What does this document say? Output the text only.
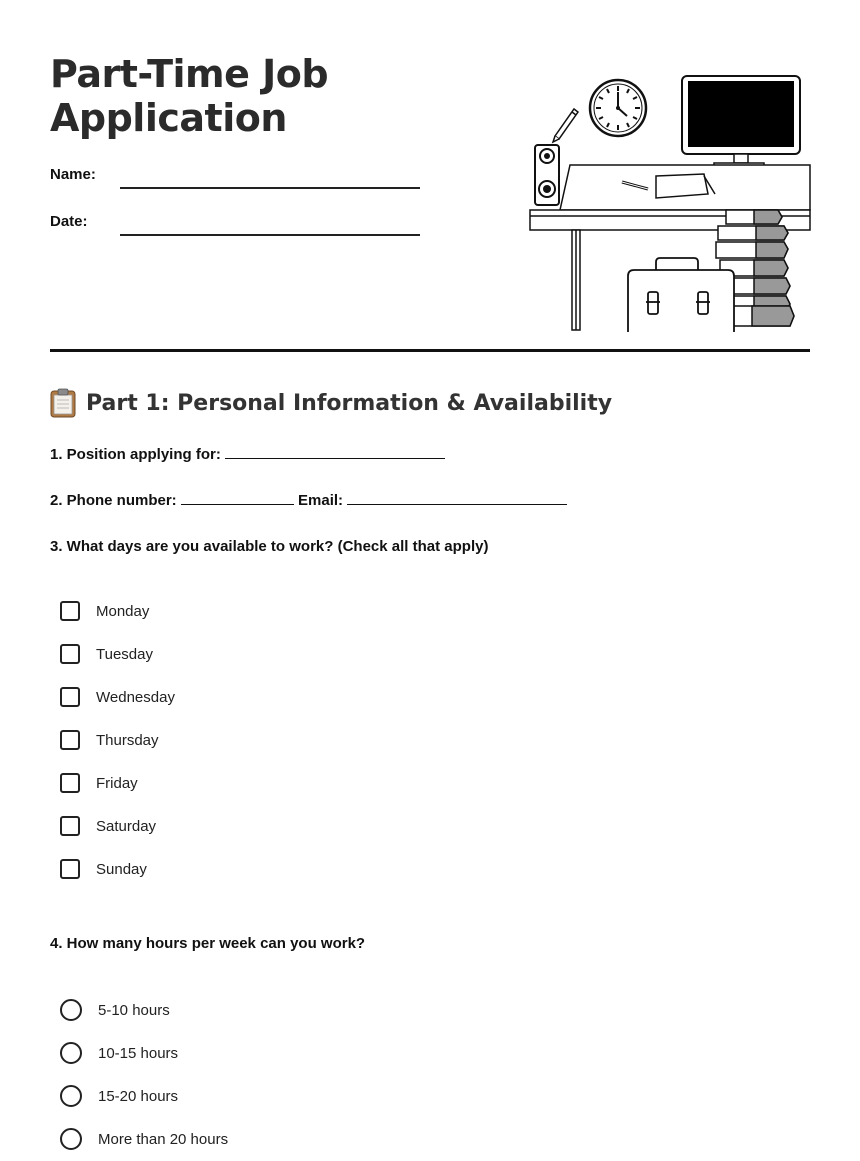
Part-Time Job
Application
Name:
Date:
Part 1: Personal Information & Availability
1. Position applying for:
2. Phone number:	Email:
3. What days are you available to work? (Check all that apply)
Monday
Tuesday
Wednesday
Thursday
Friday
Saturday
Sunday
4. How many hours per week can you work?
5-10 hours
10-15 hours
15-20 hours
More than 20 hours
